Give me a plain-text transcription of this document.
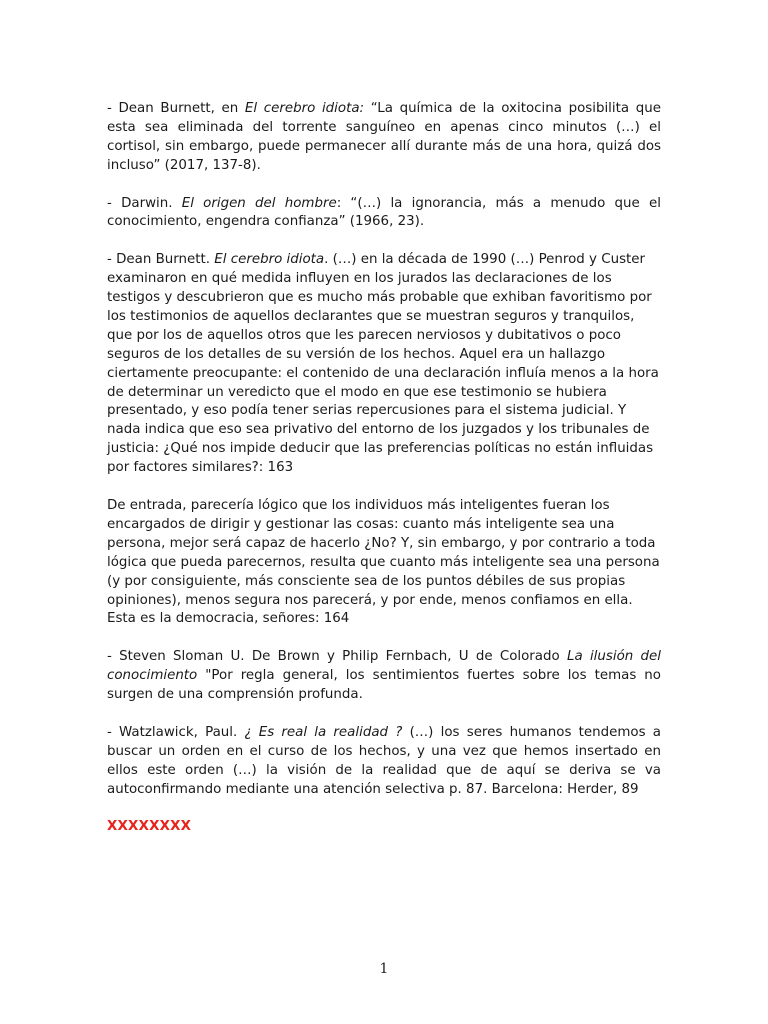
- Dean Burnett, en El cerebro idiota: “La química de la oxitocina posibilita que esta sea eliminada del torrente sanguíneo en apenas cinco minutos (…) el cortisol, sin embargo, puede permanecer allí durante más de una hora, quizá dos incluso” (2017, 137-8).

- Darwin. El origen del hombre: “(…) la ignorancia, más a menudo que el conocimiento, engendra confianza” (1966, 23).

- Dean Burnett. El cerebro idiota. (…) en la década de 1990 (…) Penrod y Custer examinaron en qué medida influyen en los jurados las declaraciones de los testigos y descubrieron que es mucho más probable que exhiban favoritismo por los testimonios de aquellos declarantes que se muestran seguros y tranquilos, que por los de aquellos otros que les parecen nerviosos y dubitativos o poco seguros de los detalles de su versión de los hechos. Aquel era un hallazgo ciertamente preocupante: el contenido de una declaración influía menos a la hora de determinar un veredicto que el modo en que ese testimonio se hubiera presentado, y eso podía tener serias repercusiones para el sistema judicial. Y nada indica que eso sea privativo del entorno de los juzgados y los tribunales de justicia: ¿Qué nos impide deducir que las preferencias políticas no están influidas por factores similares?: 163

De entrada, parecería lógico que los individuos más inteligentes fueran los encargados de dirigir y gestionar las cosas: cuanto más inteligente sea una persona, mejor será capaz de hacerlo ¿No? Y, sin embargo, y por contrario a toda lógica que pueda parecernos, resulta que cuanto más inteligente sea una persona (y por consiguiente, más consciente sea de los puntos débiles de sus propias opiniones), menos segura nos parecerá, y por ende, menos confiamos en ella. Esta es la democracia, señores: 164

- Steven Sloman U. De Brown y Philip Fernbach, U de Colorado La ilusión del conocimiento "Por regla general, los sentimientos fuertes sobre los temas no surgen de una comprensión profunda.

- Watzlawick, Paul. ¿ Es real la realidad ? (…) los seres humanos tendemos a buscar un orden en el curso de los hechos, y una vez que hemos insertado en ellos este orden (…) la visión de la realidad que de aquí se deriva se va autoconfirmando mediante una atención selectiva p. 87. Barcelona: Herder, 89

XXXXXXXX

1
